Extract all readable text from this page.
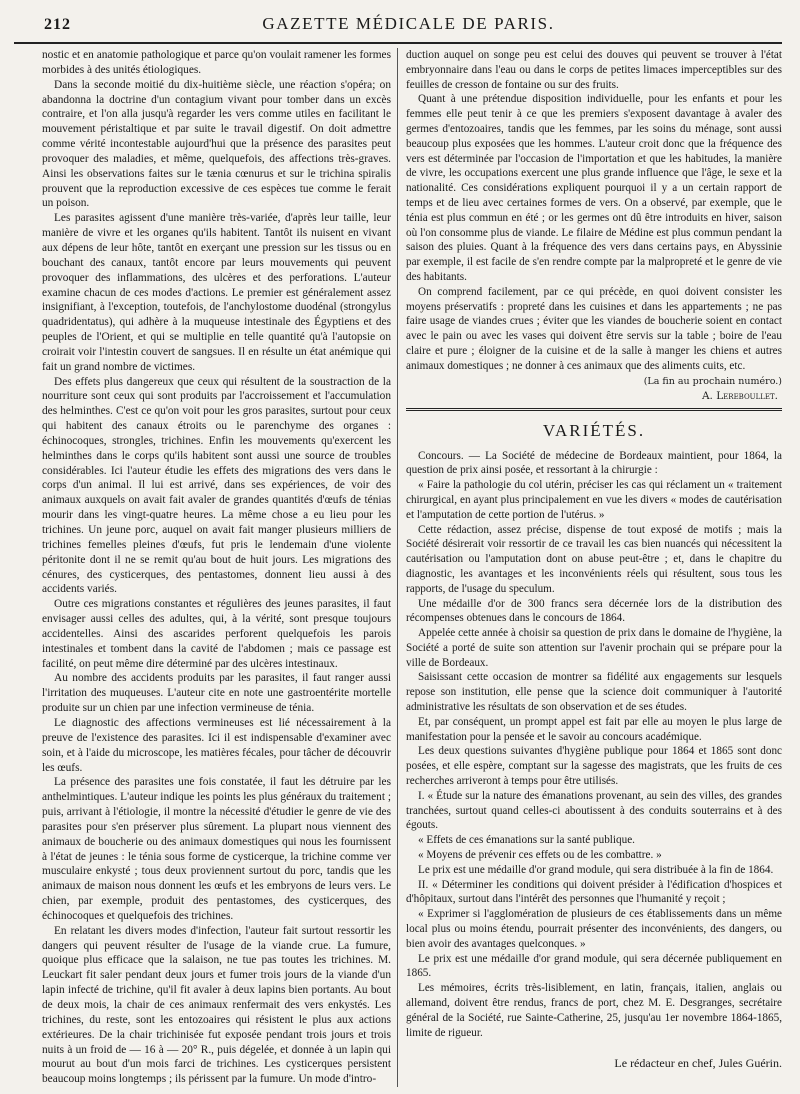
212	GAZETTE MÉDICALE DE PARIS.

nostic et en anatomie pathologique et parce qu'on voulait ramener les formes morbides à des unités étiologiques.

Dans la seconde moitié du dix-huitième siècle, une réaction s'opéra; on abandonna la doctrine d'un contagium vivant pour tomber dans un excès contraire, et l'on alla jusqu'à regarder les vers comme utiles en facilitant le mouvement péristaltique et par suite le travail digestif. On doit admettre comme vérité incontestable aujourd'hui que la présence des parasites peut provoquer des maladies, et même, quelquefois, des affections très-graves. Ainsi les observations faites sur le tænia cœnurus et sur le trichina spiralis prouvent que la reproduction excessive de ces espèces tue comme le ferait un poison.

Les parasites agissent d'une manière très-variée, d'après leur taille, leur manière de vivre et les organes qu'ils habitent. Tantôt ils nuisent en vivant aux dépens de leur hôte, tantôt en exerçant une pression sur les tissus ou en bouchant des canaux, tantôt encore par leurs mouvements qui peuvent provoquer des inflammations, des ulcères et des perforations. L'auteur examine chacun de ces modes d'actions. Le premier est généralement assez insignifiant, à l'exception, toutefois, de l'anchylostome duodénal (strongylus quadridentatus), qui adhère à la muqueuse intestinale des Égyptiens et des peuples de l'Orient, et qui se multiplie en telle quantité qu'à l'autopsie on croirait voir l'intestin couvert de sangsues. Il en résulte un état anémique qui fait un grand nombre de victimes.

Des effets plus dangereux que ceux qui résultent de la soustraction de la nourriture sont ceux qui sont produits par l'accroissement et l'accumulation des helminthes. C'est ce qu'on voit pour les gros parasites, surtout pour ceux qui habitent des canaux étroits ou le parenchyme des organes : échinocoques, strongles, trichines. Enfin les mouvements qu'exercent les helminthes dans le corps qu'ils habitent sont aussi une source de troubles considérables. Ici l'auteur étudie les effets des migrations des vers dans le corps d'un animal. Il lui est arrivé, dans ses expériences, de voir des animaux auxquels on avait fait avaler de grandes quantités d'œufs de ténias mourir dans les vingt-quatre heures. La même chose a eu lieu pour les trichines. Un jeune porc, auquel on avait fait manger plusieurs milliers de trichines femelles pleines d'œufs, fut pris le lendemain d'une violente péritonite dont il ne se remit qu'au bout de huit jours. Les migrations des cénures, des cysticerques, des pentastomes, donnent lieu aussi à des accidents variés.

Outre ces migrations constantes et régulières des jeunes parasites, il faut envisager aussi celles des adultes, qui, à la vérité, sont presque toujours accidentelles. Ainsi des ascarides perforent quelquefois les parois intestinales et tombent dans la cavité de l'abdomen ; mais ce passage est facilité, on peut même dire déterminé par des ulcères intestinaux.

Au nombre des accidents produits par les parasites, il faut ranger aussi l'irritation des muqueuses. L'auteur cite en note une gastroentérite mortelle produite sur un chien par une infection vermineuse de ténia.

Le diagnostic des affections vermineuses est lié nécessairement à la preuve de l'existence des parasites. Ici il est indispensable d'examiner avec soin, et à l'aide du microscope, les matières fécales, pour tâcher de découvrir les œufs.

La présence des parasites une fois constatée, il faut les détruire par les anthelmintiques. L'auteur indique les points les plus généraux du traitement ; puis, arrivant à l'étiologie, il montre la nécessité d'étudier le genre de vie des parasites pour s'en préserver plus sûrement. La plupart nous viennent des animaux de boucherie ou des animaux domestiques qui nous les fournissent à l'état de jeunes : le ténia sous forme de cysticerque, la trichine comme ver musculaire enkysté ; tous deux proviennent surtout du porc, tandis que les animaux de maison nous donnent les œufs et les embryons de leurs vers. Le chien, par exemple, produit des pentastomes, des cysticerques, des échinocoques et quelquefois des trichines.

En relatant les divers modes d'infection, l'auteur fait surtout ressortir les dangers qui peuvent résulter de l'usage de la viande crue. La fumure, quoique plus efficace que la salaison, ne tue pas toutes les trichines. M. Leuckart fit saler pendant deux jours et fumer trois jours de la viande d'un lapin infecté de trichine, qu'il fit avaler à deux lapins bien portants. Au bout de deux mois, la chair de ces animaux renfermait des vers enkystés. Les trichines, du reste, sont les entozoaires qui résistent le plus aux actions extérieures. De la chair trichinisée fut exposée pendant trois jours et trois nuits à un froid de — 16 à — 20° R., puis dégelée, et donnée à un lapin qui mourut au bout d'un mois farci de trichines. Les cysticerques persistent beaucoup moins longtemps ; ils périssent par la fumure. Un mode d'intro-

duction auquel on songe peu est celui des douves qui peuvent se trouver à l'état embryonnaire dans l'eau ou dans le corps de petites limaces imperceptibles sur des feuilles de cresson de fontaine ou sur des fruits.

Quant à une prétendue disposition individuelle, pour les enfants et pour les femmes elle peut tenir à ce que les premiers s'exposent davantage à avaler des germes d'entozoaires, tandis que les femmes, par les soins du ménage, sont aussi beaucoup plus exposées que les hommes. L'auteur croit donc que la fréquence des vers est déterminée par l'occasion de l'importation et que les habitudes, la manière de vivre, les occupations exercent une plus grande influence que l'âge, le sexe et la nationalité. Ces considérations expliquent pourquoi il y a un certain rapport de temps et de lieu avec certaines formes de vers. On a observé, par exemple, que le ténia est plus commun en été ; or les germes ont dû être introduits en hiver, saison où l'on consomme plus de viande. Le filaire de Médine est plus commun pendant la saison des pluies. Quant à la fréquence des vers dans certains pays, en Abyssinie par exemple, il est facile de s'en rendre compte par la malpropreté et le genre de vie des habitants.

On comprend facilement, par ce qui précède, en quoi doivent consister les moyens préservatifs : propreté dans les cuisines et dans les appartements ; ne pas faire usage de viandes crues ; éviter que les viandes de boucherie soient en contact avec le pain ou avec les vases qui doivent être servis sur la table ; boire de l'eau claire et pure ; éloigner de la cuisine et de la salle à manger les chiens et autres animaux domestiques ; ne donner à ces animaux que des aliments cuits, etc.

(La fin au prochain numéro.)
A. Lereboullet.
VARIÉTÉS.

Concours. — La Société de médecine de Bordeaux maintient, pour 1864, la question de prix ainsi posée, et ressortant à la chirurgie :

« Faire la pathologie du col utérin, préciser les cas qui réclament un « traitement chirurgical, en ayant plus principalement en vue les divers « modes de cautérisation et l'amputation de cette portion de l'utérus. »

Cette rédaction, assez précise, dispense de tout exposé de motifs ; mais la Société désirerait voir ressortir de ce travail les cas bien nuancés qui nécessitent la cautérisation ou l'amputation dont on abuse peut-être ; et, dans le chapitre du diagnostic, les avantages et les inconvénients réels qui résultent, sous tous les rapports, de l'usage du speculum.

Une médaille d'or de 300 francs sera décernée lors de la distribution des récompenses obtenues dans le concours de 1864.

Appelée cette année à choisir sa question de prix dans le domaine de l'hygiène, la Société a porté de suite son attention sur l'avenir prochain qui se prépare pour la ville de Bordeaux.

Saisissant cette occasion de montrer sa fidélité aux engagements sur lesquels repose son institution, elle pense que la science doit communiquer à l'autorité administrative les résultats de son observation et de ses études.

Et, par conséquent, un prompt appel est fait par elle au moyen le plus large de manifestation pour la pensée et le savoir au concours académique.

Les deux questions suivantes d'hygiène publique pour 1864 et 1865 sont donc posées, et elle espère, comptant sur la sagesse des magistrats, que les fruits de ces recherches arriveront à temps pour être utilisés.

I. « Étude sur la nature des émanations provenant, au sein des villes, des grandes tranchées, surtout quand celles-ci aboutissent à des conduits souterrains et à des égouts.

« Effets de ces émanations sur la santé publique.

« Moyens de prévenir ces effets ou de les combattre. »

Le prix est une médaille d'or grand module, qui sera distribuée à la fin de 1864.

II. « Déterminer les conditions qui doivent présider à l'édification d'hospices et d'hôpitaux, surtout dans l'intérêt des personnes que l'humanité y reçoit ;

« Exprimer si l'agglomération de plusieurs de ces établissements dans un même local plus ou moins étendu, pourrait présenter des inconvénients, des dangers, ou bien avoir des avantages quelconques. »

Le prix est une médaille d'or grand module, qui sera décernée publiquement en 1865.

Les mémoires, écrits très-lisiblement, en latin, français, italien, anglais ou allemand, doivent être rendus, francs de port, chez M. E. Desgranges, secrétaire général de la Société, rue Sainte-Catherine, 25, jusqu'au 1er novembre 1864-1865, limite de rigueur.

Le rédacteur en chef, Jules Guérin.
